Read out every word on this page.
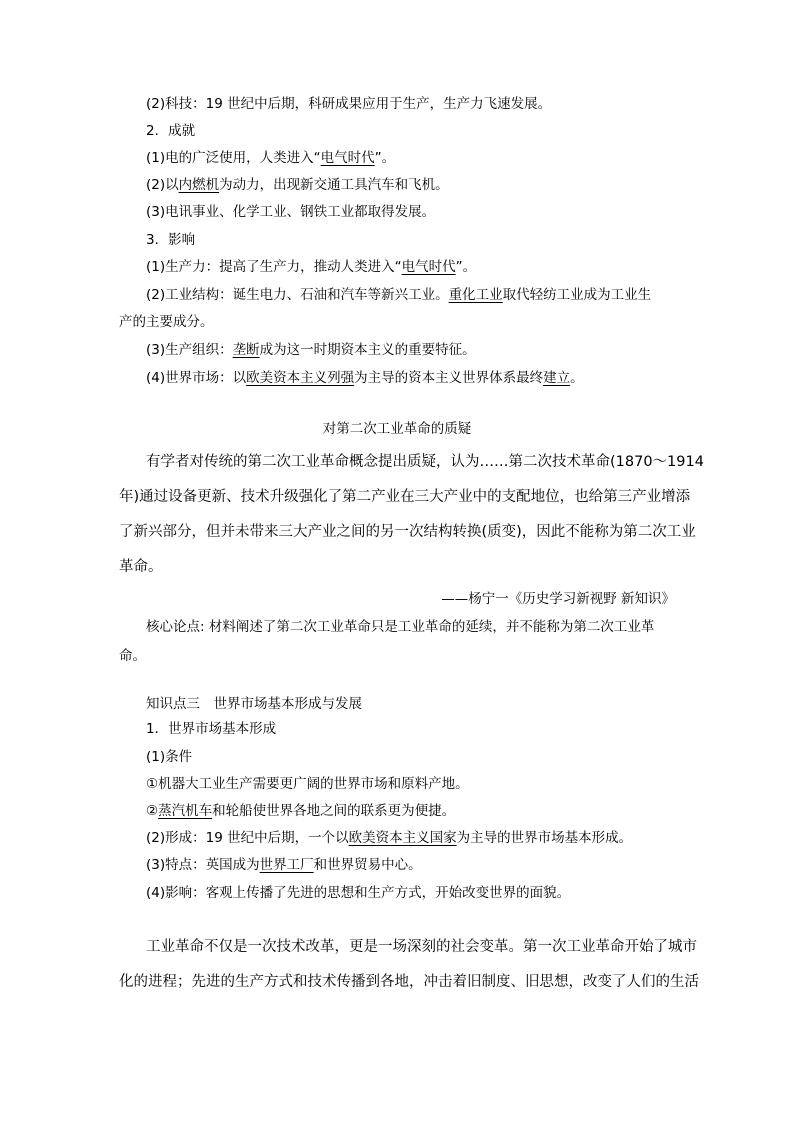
(2)科技：19 世纪中后期，科研成果应用于生产，生产力飞速发展。
2．成就
(1)电的广泛使用，人类进入“电气时代”。
(2)以内燃机为动力，出现新交通工具汽车和飞机。
(3)电讯事业、化学工业、钢铁工业都取得发展。
3．影响
(1)生产力：提高了生产力，推动人类进入“电气时代”。
(2)工业结构：诞生电力、石油和汽车等新兴工业。重化工业取代轻纺工业成为工业生
产的主要成分。
(3)生产组织：垄断成为这一时期资本主义的重要特征。
(4)世界市场：以欧美资本主义列强为主导的资本主义世界体系最终建立。
对第二次工业革命的质疑
有学者对传统的第二次工业革命概念提出质疑，认为……第二次技术革命(1870～1914
年)通过设备更新、技术升级强化了第二产业在三大产业中的支配地位，也给第三产业增添
了新兴部分，但并未带来三大产业之间的另一次结构转换(质变)，因此不能称为第二次工业
革命。
——杨宁一《历史学习新视野 新知识》
核心论点: 材料阐述了第二次工业革命只是工业革命的延续，并不能称为第二次工业革
命。
知识点三　世界市场基本形成与发展
1．世界市场基本形成
(1)条件
①机器大工业生产需要更广阔的世界市场和原料产地。
②蒸汽机车和轮船使世界各地之间的联系更为便捷。
(2)形成：19 世纪中后期，一个以欧美资本主义国家为主导的世界市场基本形成。
(3)特点：英国成为世界工厂和世界贸易中心。
(4)影响：客观上传播了先进的思想和生产方式，开始改变世界的面貌。
工业革命不仅是一次技术改革，更是一场深刻的社会变革。第一次工业革命开始了城市
化的进程；先进的生产方式和技术传播到各地，冲击着旧制度、旧思想，改变了人们的生活
